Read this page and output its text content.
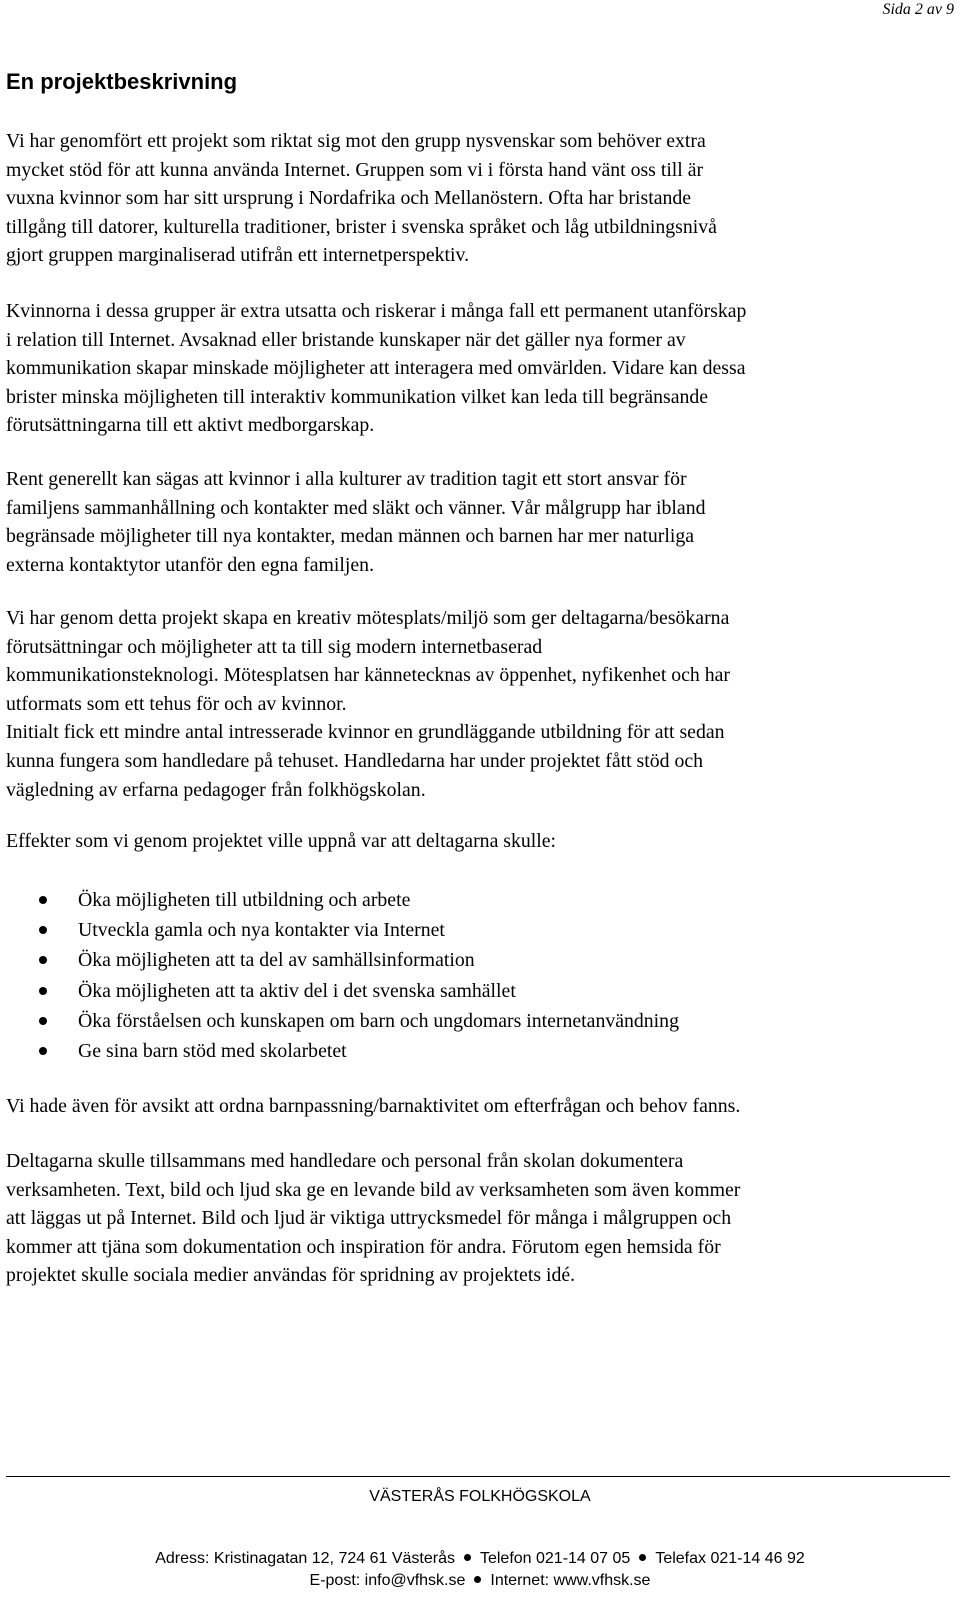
Sida 2 av 9
En projektbeskrivning

Vi har genomfört ett projekt som riktat sig mot den grupp nysvenskar som behöver extra
mycket stöd för att kunna använda Internet. Gruppen som vi i första hand vänt oss till är
vuxna kvinnor som har sitt ursprung i Nordafrika och Mellanöstern. Ofta har bristande
tillgång till datorer, kulturella traditioner, brister i svenska språket och låg utbildningsnivå
gjort gruppen marginaliserad utifrån ett internetperspektiv.

Kvinnorna i dessa grupper är extra utsatta och riskerar i många fall ett permanent utanförskap
i relation till Internet. Avsaknad eller bristande kunskaper när det gäller nya former av
kommunikation skapar minskade möjligheter att interagera med omvärlden. Vidare kan dessa
brister minska möjligheten till interaktiv kommunikation vilket kan leda till begränsande
förutsättningarna till ett aktivt medborgarskap.

Rent generellt kan sägas att kvinnor i alla kulturer av tradition tagit ett stort ansvar för
familjens sammanhållning och kontakter med släkt och vänner. Vår målgrupp har ibland
begränsade möjligheter till nya kontakter, medan männen och barnen har mer naturliga
externa kontaktytor utanför den egna familjen.

Vi har genom detta projekt skapa en kreativ mötesplats/miljö som ger deltagarna/besökarna
förutsättningar och möjligheter att ta till sig modern internetbaserad
kommunikationsteknologi. Mötesplatsen har kännetecknas av öppenhet, nyfikenhet och har
utformats som ett tehus för och av kvinnor.
Initialt fick ett mindre antal intresserade kvinnor en grundläggande utbildning för att sedan
kunna fungera som handledare på tehuset. Handledarna har under projektet fått stöd och
vägledning av erfarna pedagoger från folkhögskolan.

Effekter som vi genom projektet ville uppnå var att deltagarna skulle:

Öka möjligheten till utbildning och arbete
Utveckla gamla och nya kontakter via Internet
Öka möjligheten att ta del av samhällsinformation
Öka möjligheten att ta aktiv del i det svenska samhället
Öka förståelsen och kunskapen om barn och ungdomars internetanvändning
Ge sina barn stöd med skolarbetet

Vi hade även för avsikt att ordna barnpassning/barnaktivitet om efterfrågan och behov fanns.

Deltagarna skulle tillsammans med handledare och personal från skolan dokumentera
verksamheten. Text, bild och ljud ska ge en levande bild av verksamheten som även kommer
att läggas ut på Internet. Bild och ljud är viktiga uttrycksmedel för många i målgruppen och
kommer att tjäna som dokumentation och inspiration för andra. Förutom egen hemsida för
projektet skulle sociala medier användas för spridning av projektets idé.

VÄSTERÅS FOLKHÖGSKOLA
Adress: Kristinagatan 12, 724 61 Västerås Telefon 021-14 07 05 Telefax 021-14 46 92
E-post: info@vfhsk.se Internet: www.vfhsk.se
